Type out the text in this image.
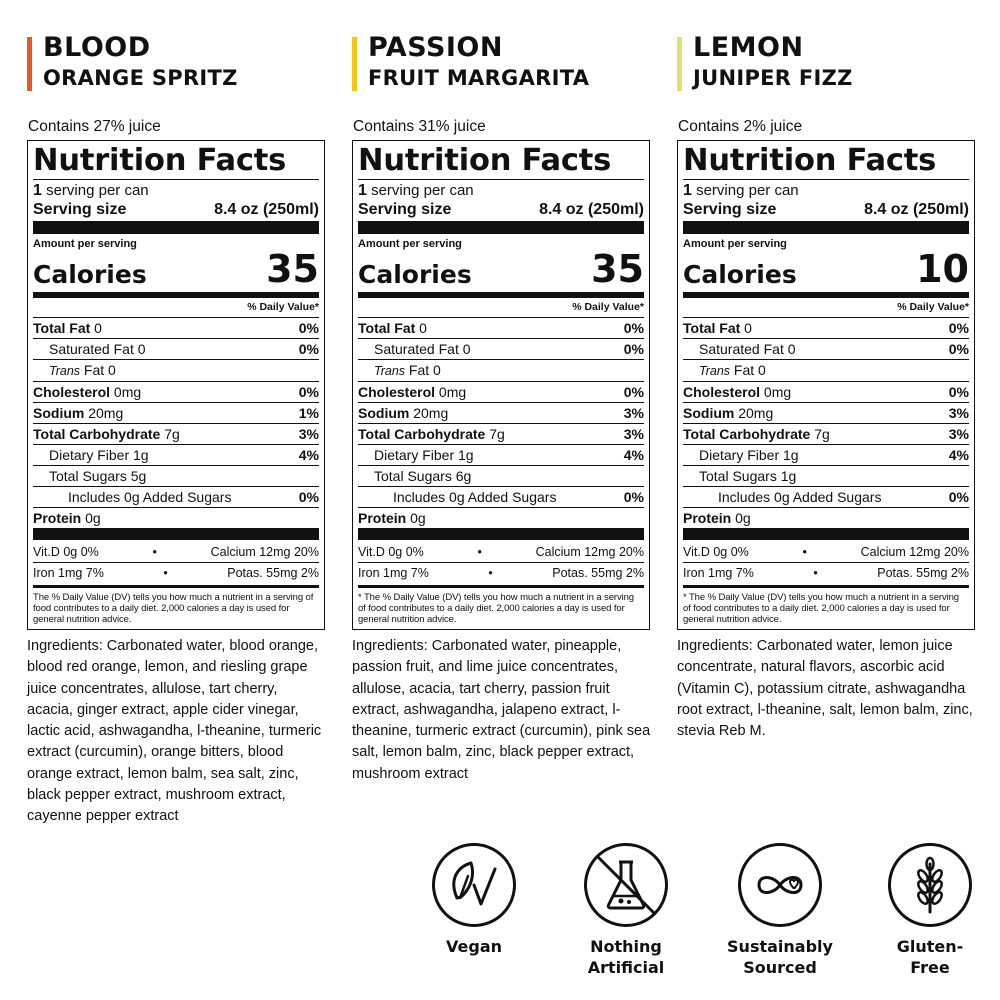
BLOOD
ORANGE SPRITZ
Contains 27% juice
Nutrition Facts
1 serving per can
Serving size	8.4 oz (250ml)
Amount per serving
Calories	35
% Daily Value*
Total Fat 0	0%
Saturated Fat 0	0%
Trans Fat 0
Cholesterol 0mg	0%
Sodium 20mg	1%
Total Carbohydrate 7g	3%
Dietary Fiber 1g	4%
Total Sugars 5g
Includes 0g Added Sugars	0%
Protein 0g
Vit.D 0g 0%	•	Calcium 12mg 20%
Iron 1mg 7%	•	Potas. 55mg 2%
The % Daily Value (DV) tells you how much a nutrient in a serving of food contributes to a daily diet. 2,000 calories a day is used for general nutrition advice.
Ingredients: Carbonated water, blood orange, blood red orange, lemon, and riesling grape juice concentrates, allulose, tart cherry, acacia, ginger extract, apple cider vinegar, lactic acid, ashwagandha, l-theanine, turmeric extract (curcumin), orange bitters, blood orange extract, lemon balm, sea salt, zinc, black pepper extract, mushroom extract, cayenne pepper extract
PASSION
FRUIT MARGARITA
Contains 31% juice
Nutrition Facts
1 serving per can
Serving size	8.4 oz (250ml)
Amount per serving
Calories	35
% Daily Value*
Total Fat 0	0%
Saturated Fat 0	0%
Trans Fat 0
Cholesterol 0mg	0%
Sodium 20mg	3%
Total Carbohydrate 7g	3%
Dietary Fiber 1g	4%
Total Sugars 6g
Includes 0g Added Sugars	0%
Protein 0g
Vit.D 0g 0%	•	Calcium 12mg 20%
Iron 1mg 7%	•	Potas. 55mg 2%
* The % Daily Value (DV) tells you how much a nutrient in a serving of food contributes to a daily diet. 2,000 calories a day is used for general nutrition advice.
Ingredients: Carbonated water, pineapple, passion fruit, and lime juice concentrates, allulose, acacia, tart cherry, passion fruit extract, ashwagandha, jalapeno extract, l-theanine, turmeric extract (curcumin), pink sea salt, lemon balm, zinc, black pepper extract, mushroom extract
LEMON
JUNIPER FIZZ
Contains 2% juice
Nutrition Facts
1 serving per can
Serving size	8.4 oz (250ml)
Amount per serving
Calories	10
% Daily Value*
Total Fat 0	0%
Saturated Fat 0	0%
Trans Fat 0
Cholesterol 0mg	0%
Sodium 20mg	3%
Total Carbohydrate 7g	3%
Dietary Fiber 1g	4%
Total Sugars 1g
Includes 0g Added Sugars	0%
Protein 0g
Vit.D 0g 0%	•	Calcium 12mg 20%
Iron 1mg 7%	•	Potas. 55mg 2%
* The % Daily Value (DV) tells you how much a nutrient in a serving of food contributes to a daily diet. 2,000 calories a day is used for general nutrition advice.
Ingredients: Carbonated water, lemon juice concentrate, natural flavors, ascorbic acid (Vitamin C), potassium citrate, ashwagandha root extract, l-theanine, salt, lemon balm, zinc, stevia Reb M.
Vegan	Nothing
Artificial
Sustainably
Sourced
Gluten-
Free
